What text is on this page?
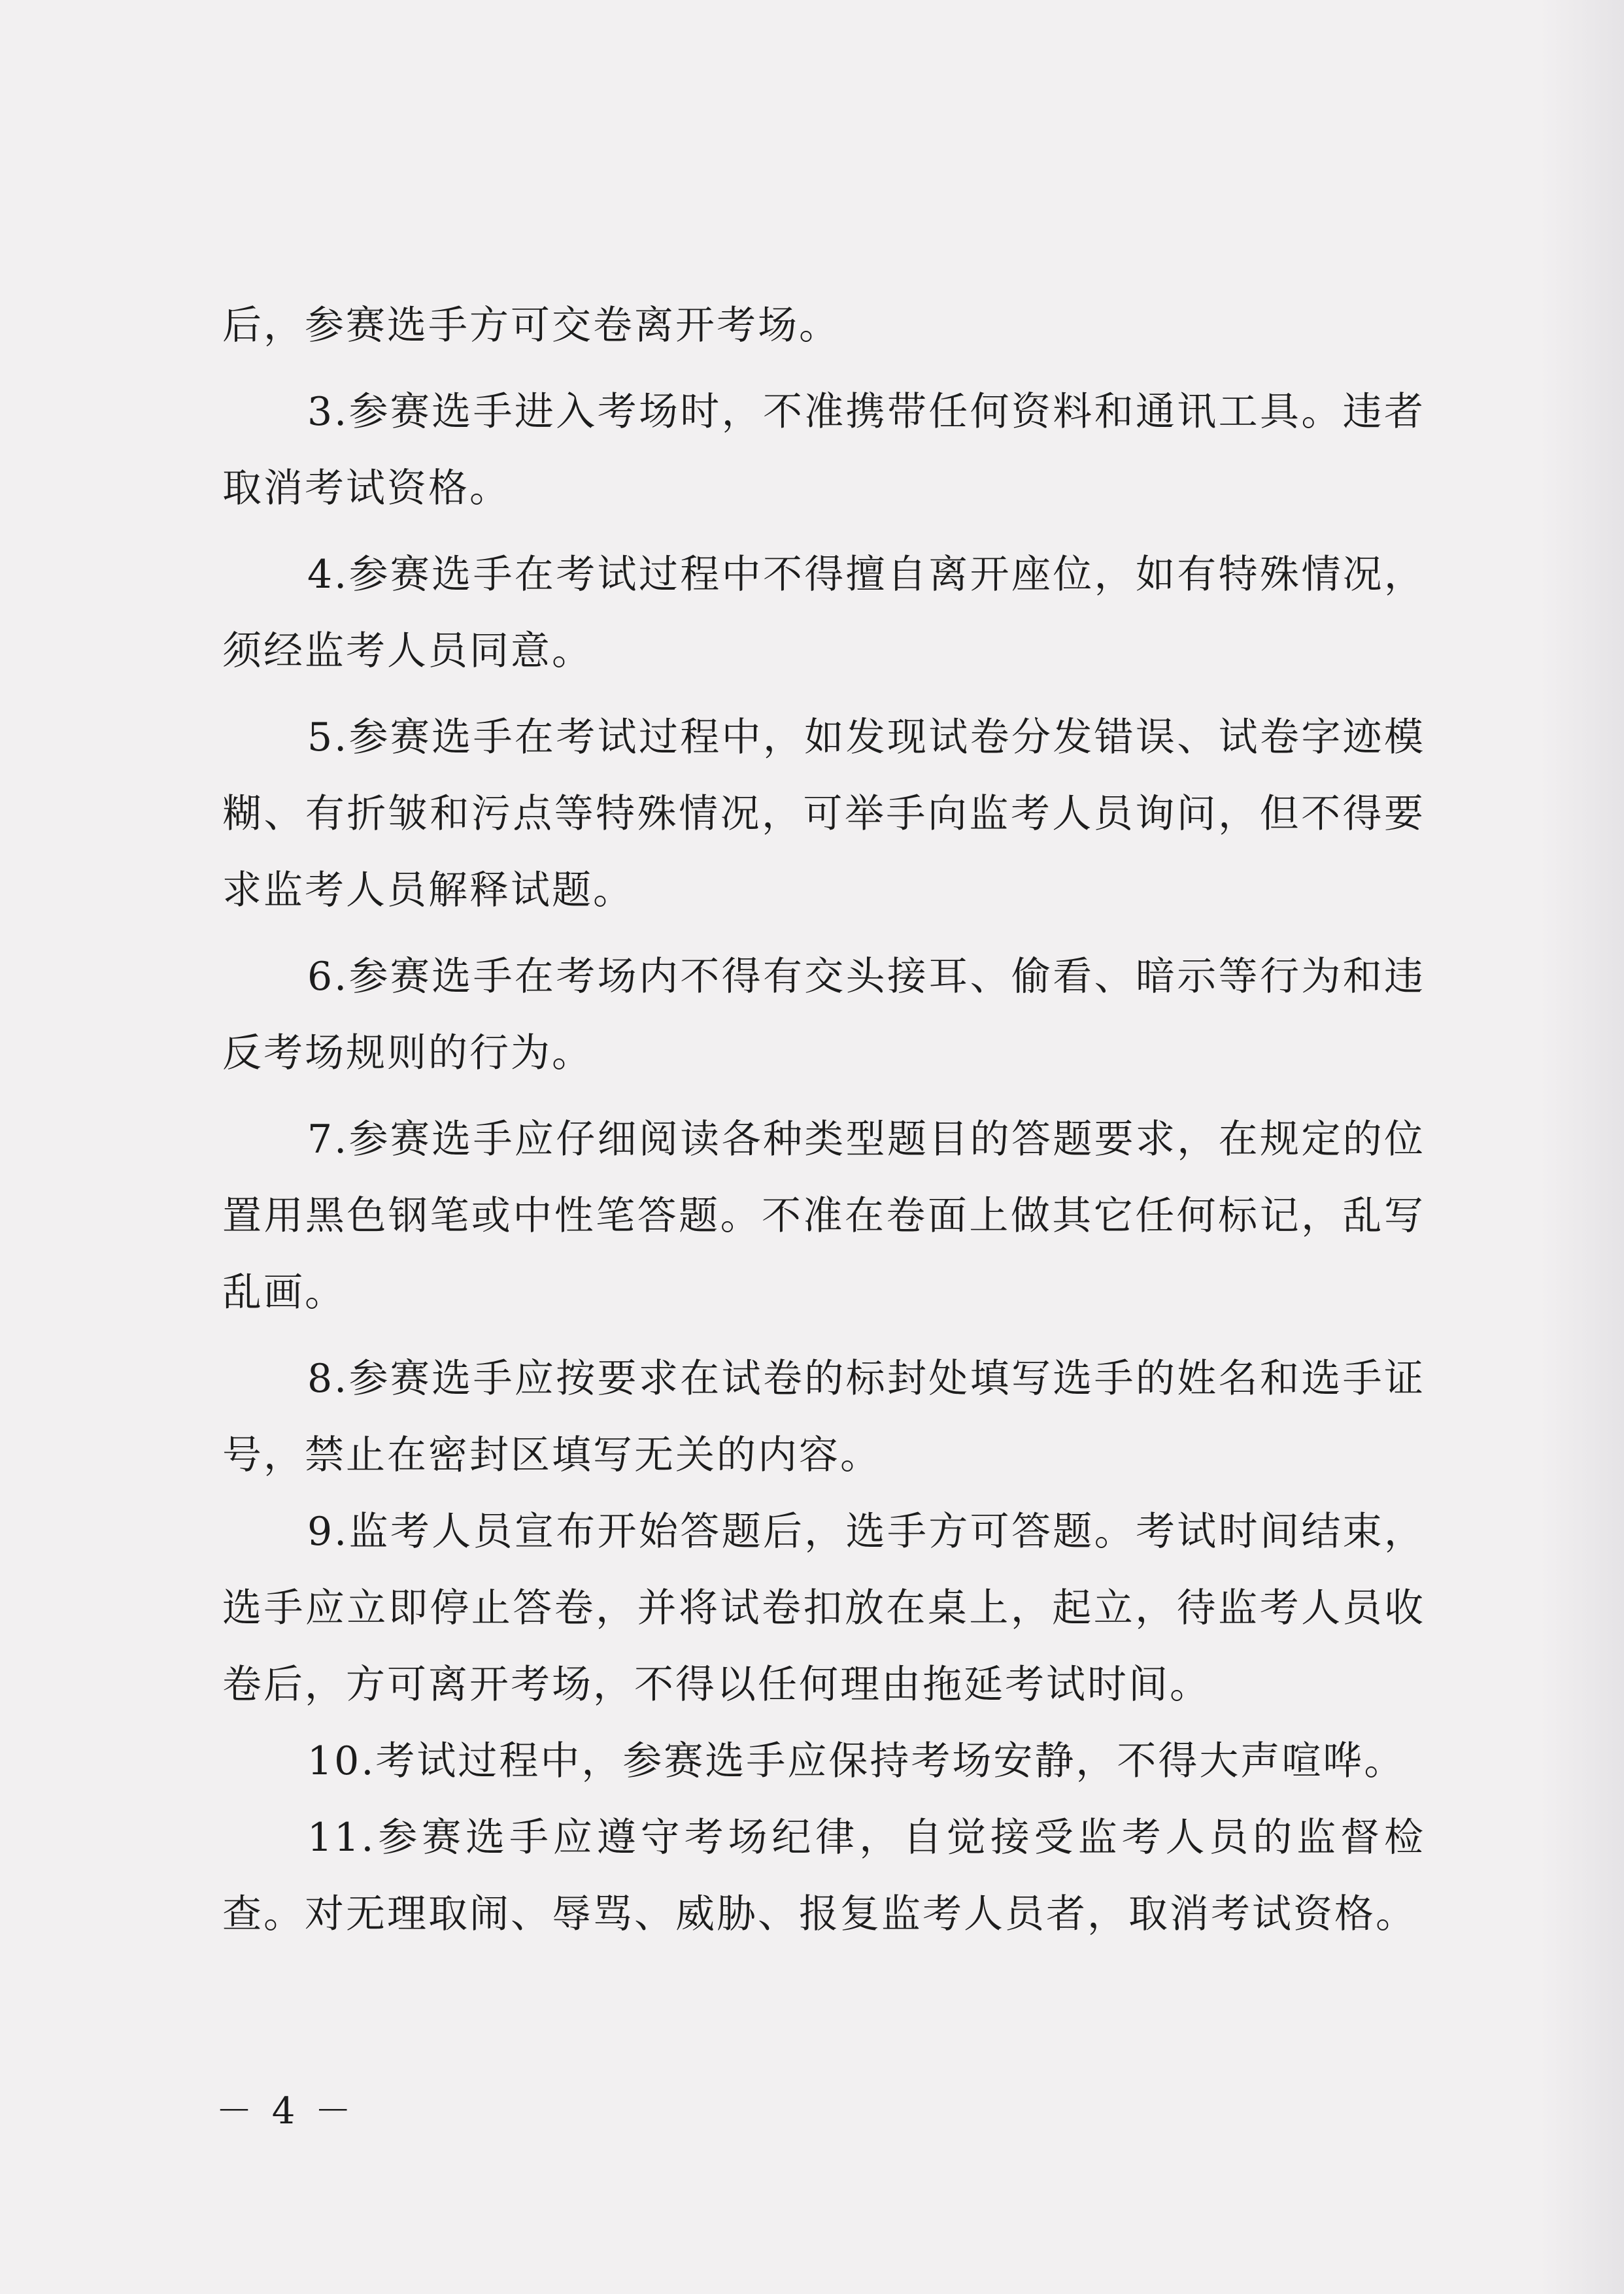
后，参赛选手方可交卷离开考场。

3.参赛选手进入考场时，不准携带任何资料和通讯工具。违者取消考试资格。

4.参赛选手在考试过程中不得擅自离开座位，如有特殊情况，须经监考人员同意。

5.参赛选手在考试过程中，如发现试卷分发错误、试卷字迹模糊、有折皱和污点等特殊情况，可举手向监考人员询问，但不得要求监考人员解释试题。

6.参赛选手在考场内不得有交头接耳、偷看、暗示等行为和违反考场规则的行为。

7.参赛选手应仔细阅读各种类型题目的答题要求，在规定的位置用黑色钢笔或中性笔答题。不准在卷面上做其它任何标记，乱写乱画。

8.参赛选手应按要求在试卷的标封处填写选手的姓名和选手证号，禁止在密封区填写无关的内容。

9.监考人员宣布开始答题后，选手方可答题。考试时间结束，选手应立即停止答卷，并将试卷扣放在桌上，起立，待监考人员收卷后，方可离开考场，不得以任何理由拖延考试时间。

10.考试过程中，参赛选手应保持考场安静，不得大声喧哗。

11.参赛选手应遵守考场纪律，自觉接受监考人员的监督检查。对无理取闹、辱骂、威胁、报复监考人员者，取消考试资格。

－ 4 －
